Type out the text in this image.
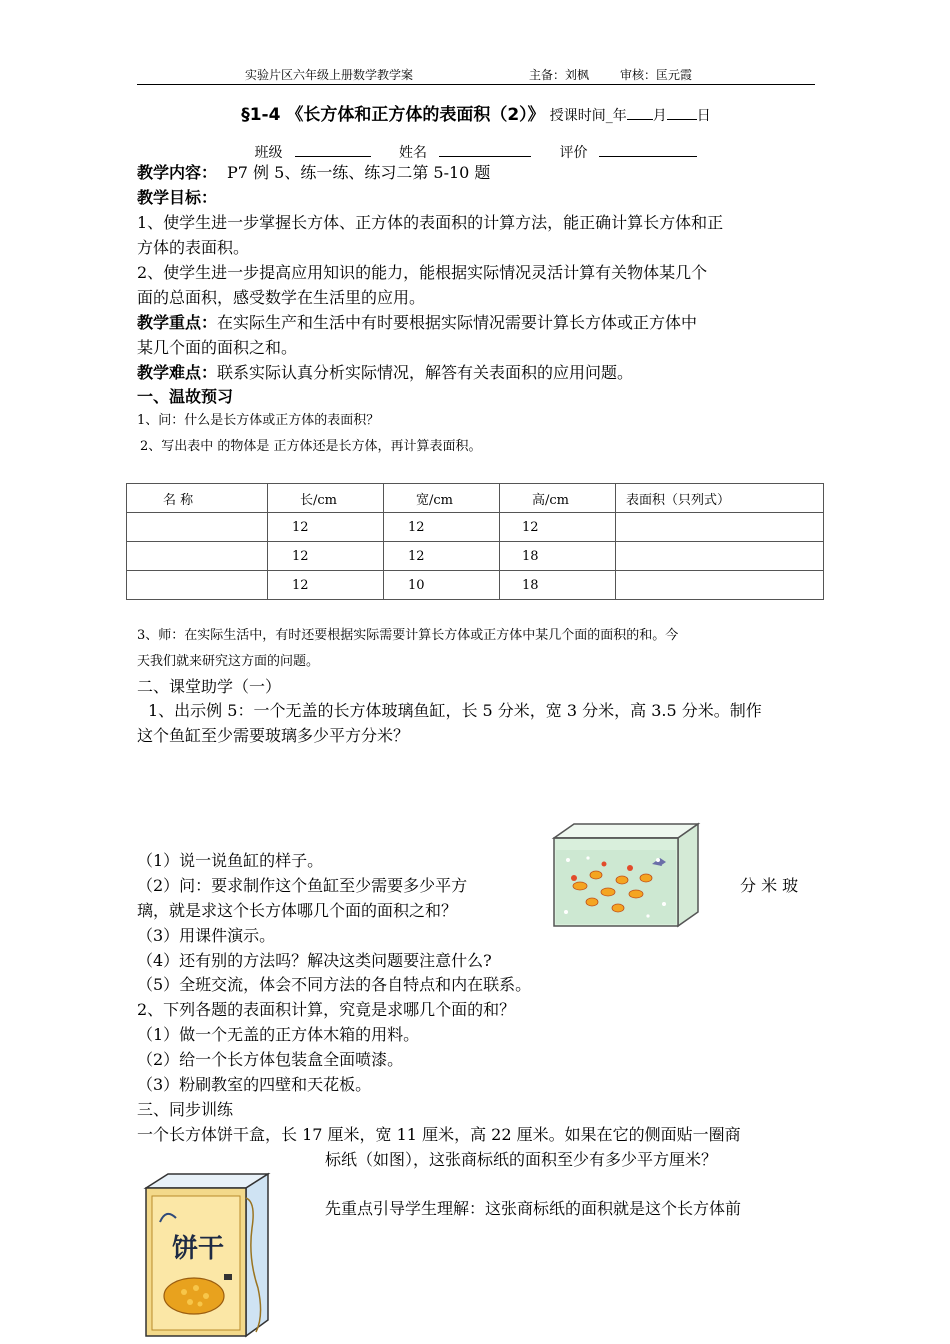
实验片区六年级上册数学教学案	主备：刘枫	审核：匡元霞
§1-4 《长方体和正方体的表面积（2）》 授课时间_年 月 日
班级	姓名	评价
教学内容： P7 例 5、练一练、练习二第 5-10 题
教学目标：
1、使学生进一步掌握长方体、正方体的表面积的计算方法，能正确计算长方体和正
方体的表面积。
2、使学生进一步提高应用知识的能力，能根据实际情况灵活计算有关物体某几个
面的总面积，感受数学在生活里的应用。
教学重点：在实际生产和生活中有时要根据实际情况需要计算长方体或正方体中
某几个面的面积之和。
教学难点：联系实际认真分析实际情况，解答有关表面积的应用问题。
一、温故预习
1、问：什么是长方体或正方体的表面积？
2、写出表中 的物体是 正方体还是长方体，再计算表面积。
名 称	长/cm	宽/cm	高/cm	表面积（只列式）
	12	12	12	
	12	12	18	
	12	10	18	
3、师：在实际生活中，有时还要根据实际需要计算长方体或正方体中某几个面的面积的和。今
天我们就来研究这方面的问题。
二、课堂助学（一）
1、出示例 5：一个无盖的长方体玻璃鱼缸，长 5 分米，宽 3 分米，高 3.5 分米。制作
这个鱼缸至少需要玻璃多少平方分米？
（1）说一说鱼缸的样子。
（2）问：要求制作这个鱼缸至少需要多少平方	分 米 玻
璃，就是求这个长方体哪几个面的面积之和？
（3）用课件演示。
（4）还有别的方法吗？解决这类问题要注意什么?
（5）全班交流，体会不同方法的各自特点和内在联系。
2、下列各题的表面积计算，究竟是求哪几个面的和？
（1）做一个无盖的正方体木箱的用料。
（2）给一个长方体包装盒全面喷漆。
（3）粉刷教室的四壁和天花板。
三、同步训练
一个长方体饼干盒，长 17 厘米，宽 11 厘米，高 22 厘米。如果在它的侧面贴一圈商
标纸（如图），这张商标纸的面积至少有多少平方厘米？
先重点引导学生理解：这张商标纸的面积就是这个长方体前
饼干
